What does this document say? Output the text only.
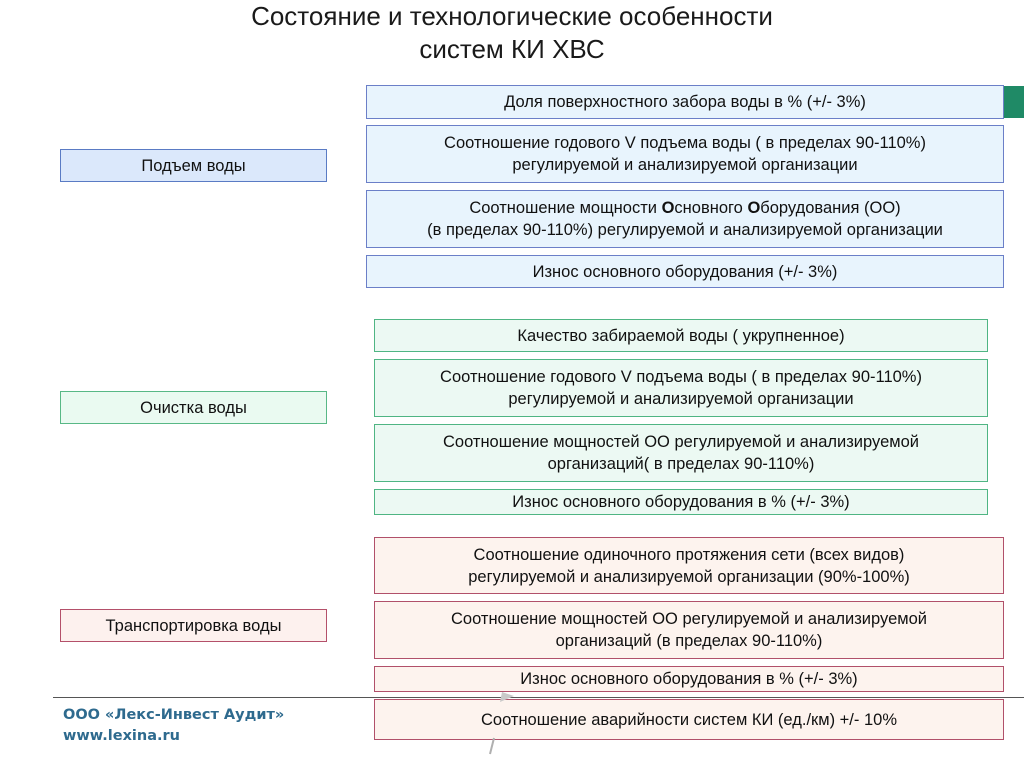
Состояние и технологические особенности
систем КИ ХВС
Подъем воды
Доля поверхностного забора воды в % (+/- 3%)
Соотношение годового V подъема воды ( в пределах 90-110%)
регулируемой и анализируемой организации
Соотношение мощности Основного Оборудования (ОО)
(в пределах 90-110%) регулируемой и анализируемой организации
Износ основного оборудования (+/- 3%)
Очистка воды
Качество забираемой воды ( укрупненное)
Соотношение годового V подъема воды ( в пределах 90-110%)
регулируемой и анализируемой организации
Соотношение мощностей ОО регулируемой и анализируемой
организаций( в пределах 90-110%)
Износ основного оборудования в % (+/- 3%)
Транспортировка воды
Соотношение одиночного протяжения сети (всех видов)
регулируемой и анализируемой организации (90%-100%)
Соотношение мощностей ОО регулируемой и анализируемой
организаций (в пределах 90-110%)
Износ основного оборудования в % (+/- 3%)
Соотношение аварийности систем КИ (ед./км) +/- 10%
ООО «Лекс-Инвест Аудит»
www.lexina.ru
